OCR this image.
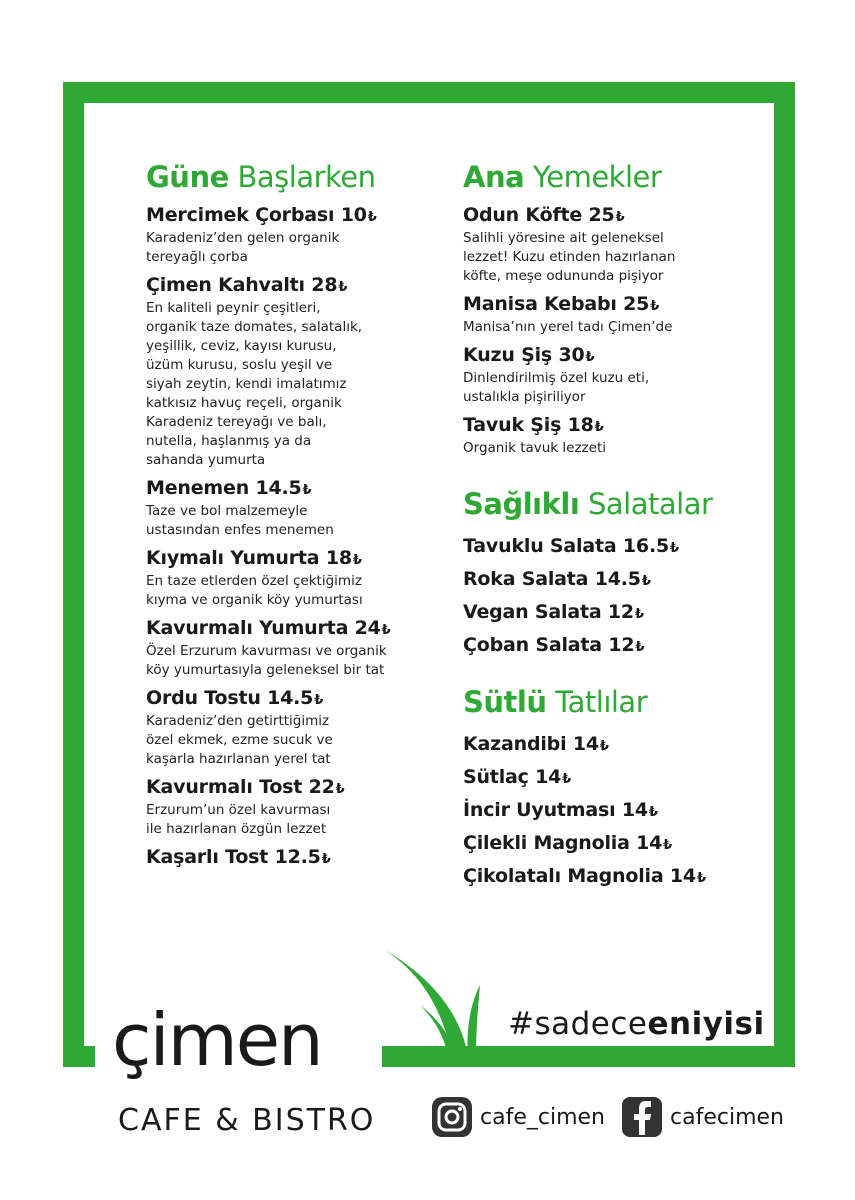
Güne Başlarken
Mercimek Çorbası 10₺
Karadeniz’den gelen organik
tereyağlı çorba
Çimen Kahvaltı 28₺
En kaliteli peynir çeşitleri,
organik taze domates, salatalık,
yeşillik, ceviz, kayısı kurusu,
üzüm kurusu, soslu yeşil ve
siyah zeytin, kendi imalatımız
katkısız havuç reçeli, organik
Karadeniz tereyağı ve balı,
nutella, haşlanmış ya da
sahanda yumurta
Menemen 14.5₺
Taze ve bol malzemeyle
ustasından enfes menemen
Kıymalı Yumurta 18₺
En taze etlerden özel çektiğimiz
kıyma ve organik köy yumurtası
Kavurmalı Yumurta 24₺
Özel Erzurum kavurması ve organik
köy yumurtasıyla geleneksel bir tat
Ordu Tostu 14.5₺
Karadeniz’den getirttiğimiz
özel ekmek, ezme sucuk ve
kaşarla hazırlanan yerel tat
Kavurmalı Tost 22₺
Erzurum’un özel kavurması
ile hazırlanan özgün lezzet
Kaşarlı Tost 12.5₺
Ana Yemekler
Odun Köfte 25₺
Salihli yöresine ait geleneksel
lezzet! Kuzu etinden hazırlanan
köfte, meşe odununda pişiyor
Manisa Kebabı 25₺
Manisa’nın yerel tadı Çimen’de
Kuzu Şiş 30₺
Dinlendirilmiş özel kuzu eti,
ustalıkla pişiriliyor
Tavuk Şiş 18₺
Organik tavuk lezzeti
Sağlıklı Salatalar
Tavuklu Salata 16.5₺
Roka Salata 14.5₺
Vegan Salata 12₺
Çoban Salata 12₺
Sütlü Tatlılar
Kazandibi 14₺
Sütlaç 14₺
İncir Uyutması 14₺
Çilekli Magnolia 14₺
Çikolatalı Magnolia 14₺
çimen
CAFE & BISTRO
#sadeceeniyisi
cafe_cimen	cafecimen
